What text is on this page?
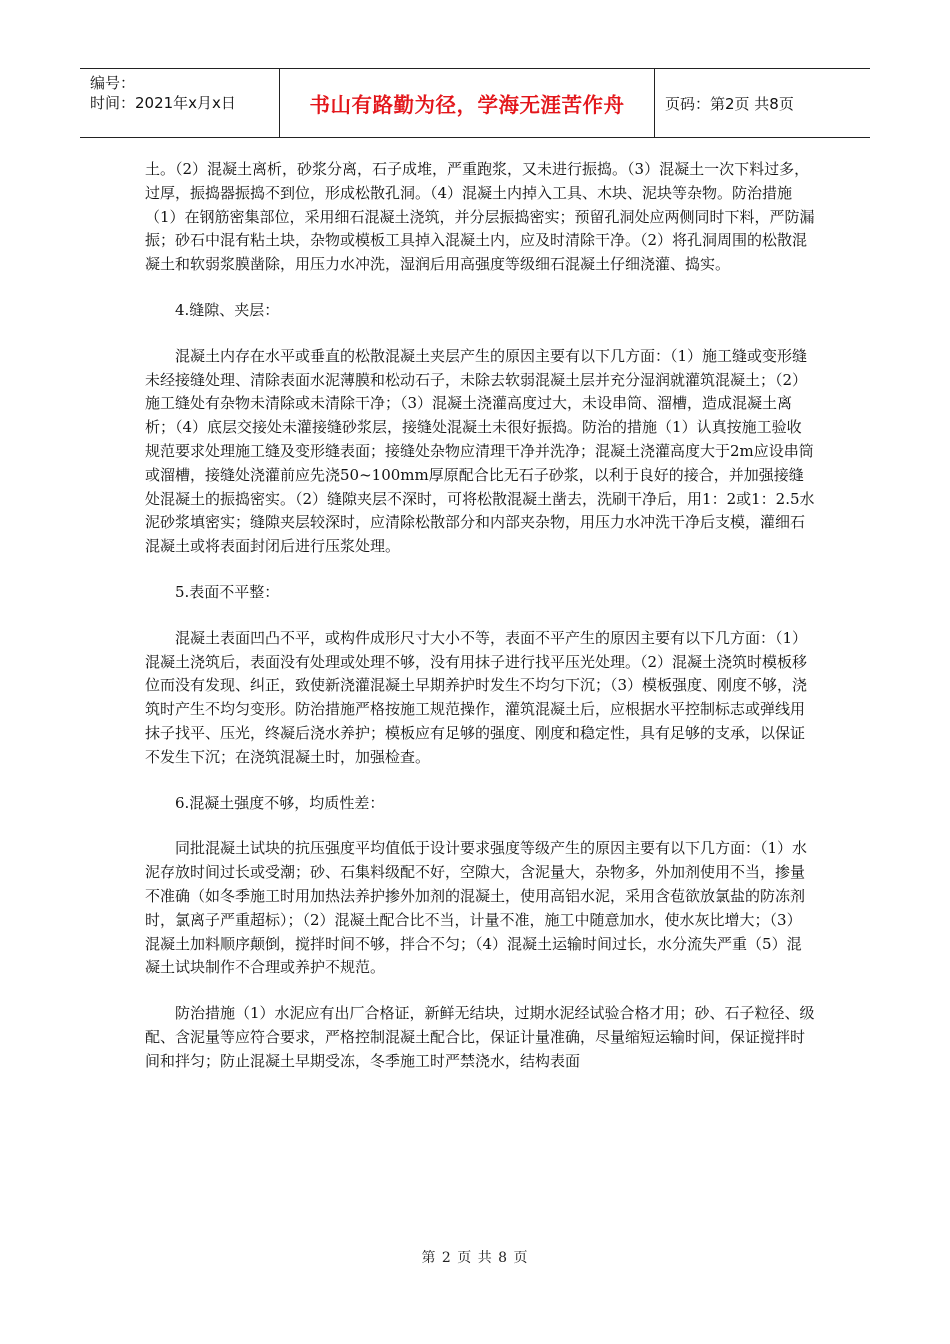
编号：
时间：2021年x月x日	书山有路勤为径，学海无涯苦作舟	页码：第2页 共8页

土。（2）混凝土离析，砂浆分离，石子成堆，严重跑浆，又未进行振捣。（3）混凝土一次下料过多，过厚，振捣器振捣不到位，形成松散孔洞。（4）混凝土内掉入工具、木块、泥块等杂物。防治措施（1）在钢筋密集部位，采用细石混凝土浇筑，并分层振捣密实；预留孔洞处应两侧同时下料，严防漏振；砂石中混有粘土块，杂物或模板工具掉入混凝土内，应及时清除干净。（2）将孔洞周围的松散混凝土和软弱浆膜凿除，用压力水冲洗，湿润后用高强度等级细石混凝土仔细浇灌、捣实。

4.缝隙、夹层：

混凝土内存在水平或垂直的松散混凝土夹层产生的原因主要有以下几方面：（1）施工缝或变形缝未经接缝处理、清除表面水泥薄膜和松动石子，未除去软弱混凝土层并充分湿润就灌筑混凝土；（2）施工缝处有杂物未清除或未清除干净；（3）混凝土浇灌高度过大，未设串筒、溜槽，造成混凝土离析；（4）底层交接处未灌接缝砂浆层，接缝处混凝土未很好振捣。防治的措施（1）认真按施工验收规范要求处理施工缝及变形缝表面；接缝处杂物应清理干净并洗净；混凝土浇灌高度大于2m应设串筒或溜槽，接缝处浇灌前应先浇50~100mm厚原配合比无石子砂浆，以利于良好的接合，并加强接缝处混凝土的振捣密实。（2）缝隙夹层不深时，可将松散混凝土凿去，洗刷干净后，用1：2或1：2.5水泥砂浆填密实；缝隙夹层较深时，应清除松散部分和内部夹杂物，用压力水冲洗干净后支模，灌细石混凝土或将表面封闭后进行压浆处理。

5.表面不平整：

混凝土表面凹凸不平，或构件成形尺寸大小不等，表面不平产生的原因主要有以下几方面：（1）混凝土浇筑后，表面没有处理或处理不够，没有用抹子进行找平压光处理。（2）混凝土浇筑时模板移位而没有发现、纠正，致使新浇灌混凝土早期养护时发生不均匀下沉；（3）模板强度、刚度不够，浇筑时产生不均匀变形。防治措施严格按施工规范操作，灌筑混凝土后，应根据水平控制标志或弹线用抹子找平、压光，终凝后浇水养护；模板应有足够的强度、刚度和稳定性，具有足够的支承，以保证不发生下沉；在浇筑混凝土时，加强检查。

6.混凝土强度不够，均质性差：

同批混凝土试块的抗压强度平均值低于设计要求强度等级产生的原因主要有以下几方面：（1）水泥存放时间过长或受潮；砂、石集料级配不好，空隙大，含泥量大，杂物多，外加剂使用不当，掺量不准确（如冬季施工时用加热法养护掺外加剂的混凝土，使用高铝水泥，采用含苞欲放氯盐的防冻剂时，氯离子严重超标）；（2）混凝土配合比不当，计量不准，施工中随意加水，使水灰比增大；（3）混凝土加料顺序颠倒，搅拌时间不够，拌合不匀；（4）混凝土运输时间过长，水分流失严重（5）混凝土试块制作不合理或养护不规范。

防治措施（1）水泥应有出厂合格证，新鲜无结块，过期水泥经试验合格才用；砂、石子粒径、级配、含泥量等应符合要求，严格控制混凝土配合比，保证计量准确，尽量缩短运输时间，保证搅拌时间和拌匀；防止混凝土早期受冻，冬季施工时严禁浇水，结构表面

第 2 页 共 8 页
